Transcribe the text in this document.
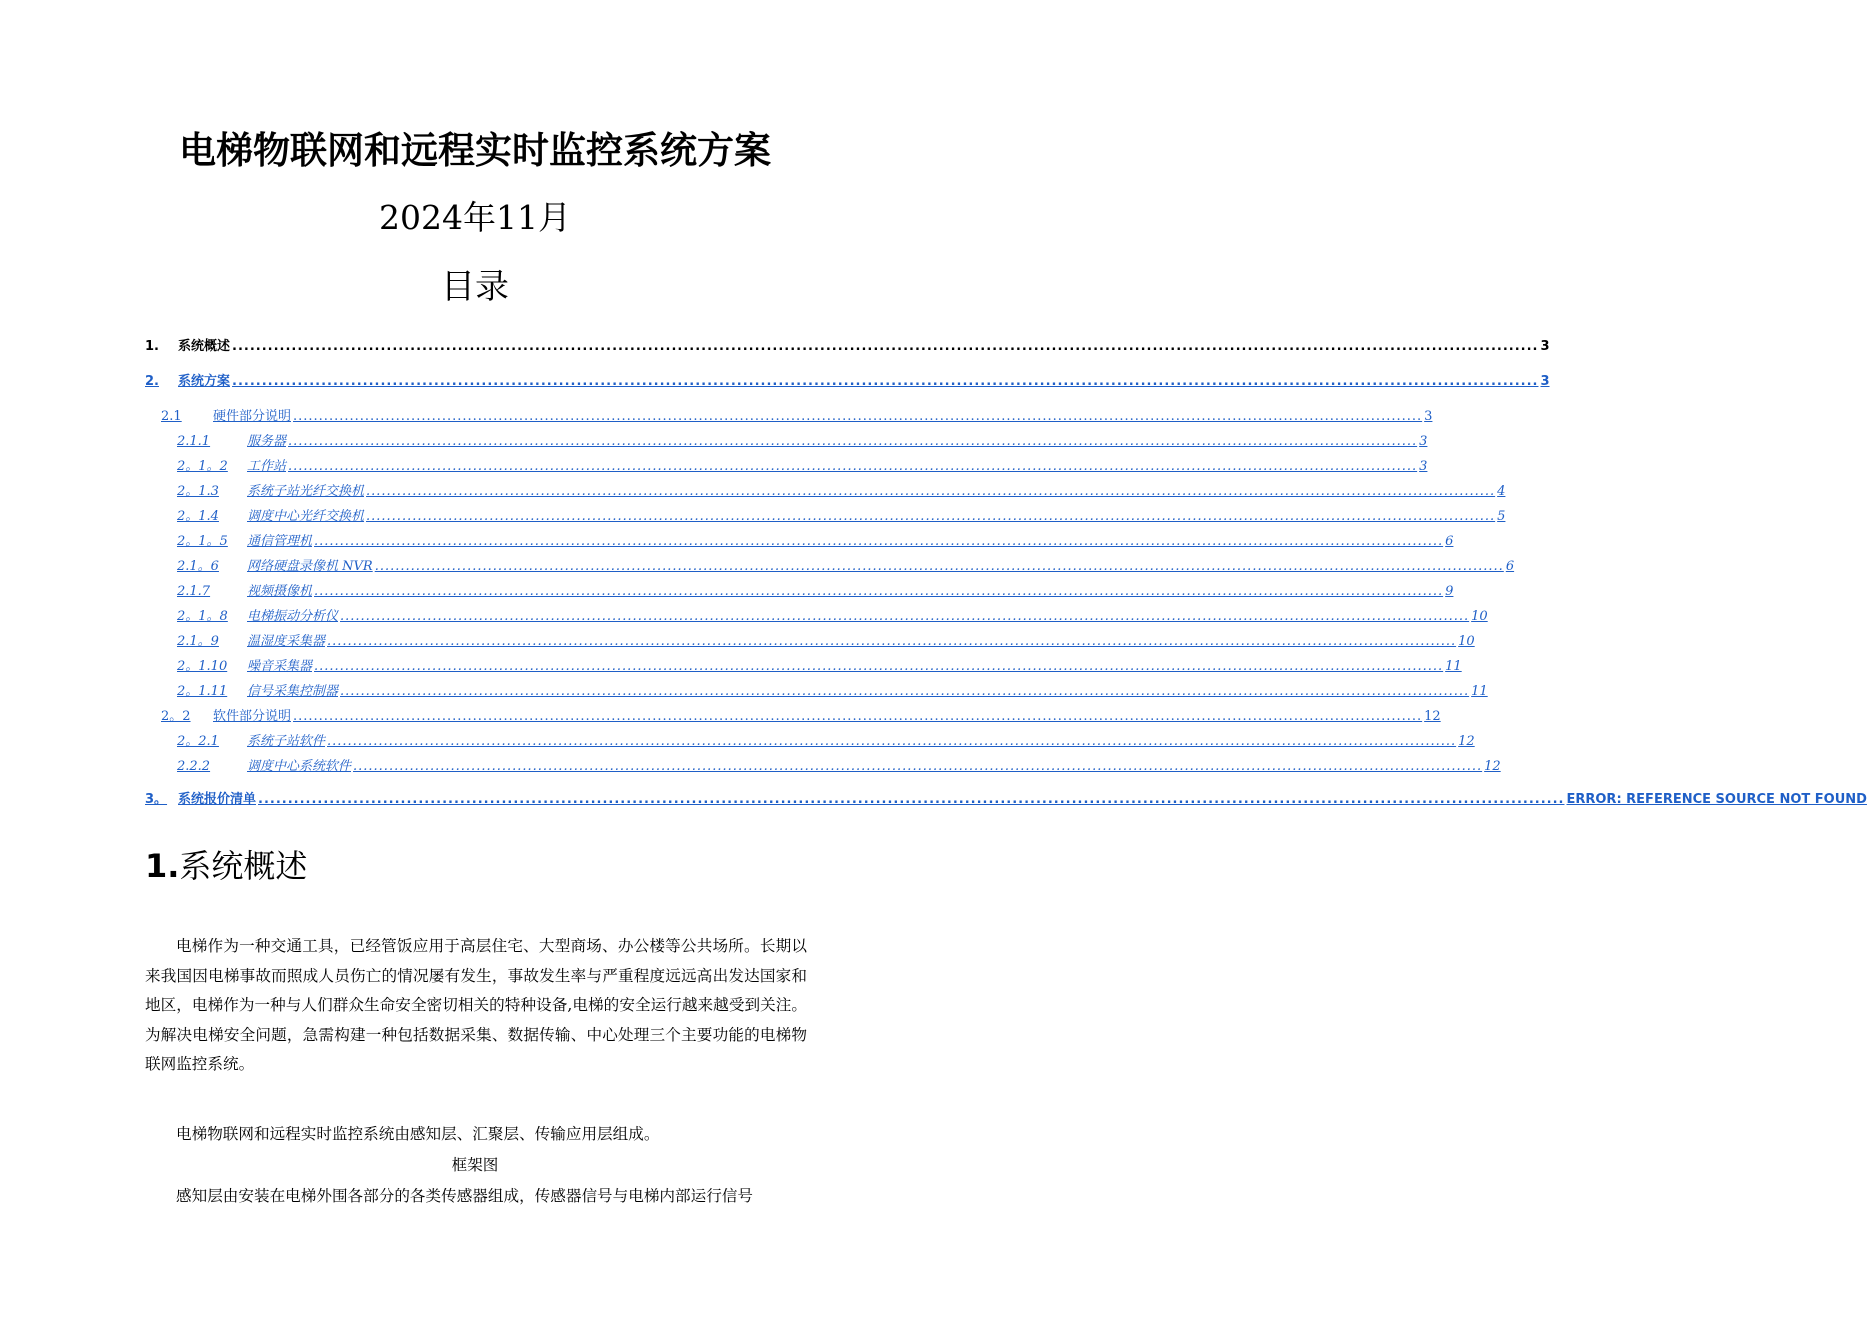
电梯物联网和远程实时监控系统方案
2024年11月
目录
1.	系统概述 ............................................................................................................................................................................................................................ 3
2.	系统方案 ............................................................................................................................................................................................................................ 3
2.1	硬件部分说明 ............................................................................................................................................................................................................................ 3
2.1.1	服务器 ............................................................................................................................................................................................................................ 3
2。1。2	工作站 ............................................................................................................................................................................................................................ 3
2。1.3	系统子站光纤交换机 ............................................................................................................................................................................................................................ 4
2。1.4	调度中心光纤交换机 ............................................................................................................................................................................................................................ 5
2。1。5	通信管理机 ............................................................................................................................................................................................................................ 6
2.1。6	网络硬盘录像机 NVR ............................................................................................................................................................................................................................ 6
2.1.7	视频摄像机 ............................................................................................................................................................................................................................ 9
2。1。8	电梯振动分析仪 ............................................................................................................................................................................................................................ 10
2.1。9	温湿度采集器 ............................................................................................................................................................................................................................ 10
2。1.10	噪音采集器 ............................................................................................................................................................................................................................ 11
2。1.11	信号采集控制器 ............................................................................................................................................................................................................................ 11
2。2	软件部分说明 ............................................................................................................................................................................................................................ 12
2。2.1	系统子站软件 ............................................................................................................................................................................................................................ 12
2.2.2	调度中心系统软件 ............................................................................................................................................................................................................................ 12
3。 系统报价清单 ............................................................................................................................................................................................................................ ERROR: REFERENCE SOURCE NOT FOUND
1.系统概述
电梯作为一种交通工具，已经管饭应用于高层住宅、大型商场、办公楼等公共场所。长期以来我国因电梯事故而照成人员伤亡的情况屡有发生，事故发生率与严重程度远远高出发达国家和地区，电梯作为一种与人们群众生命安全密切相关的特种设备,电梯的安全运行越来越受到关注。为解决电梯安全问题，急需构建一种包括数据采集、数据传输、中心处理三个主要功能的电梯物联网监控系统。
电梯物联网和远程实时监控系统由感知层、汇聚层、传输应用层组成。
框架图
感知层由安装在电梯外围各部分的各类传感器组成，传感器信号与电梯内部运行信号
